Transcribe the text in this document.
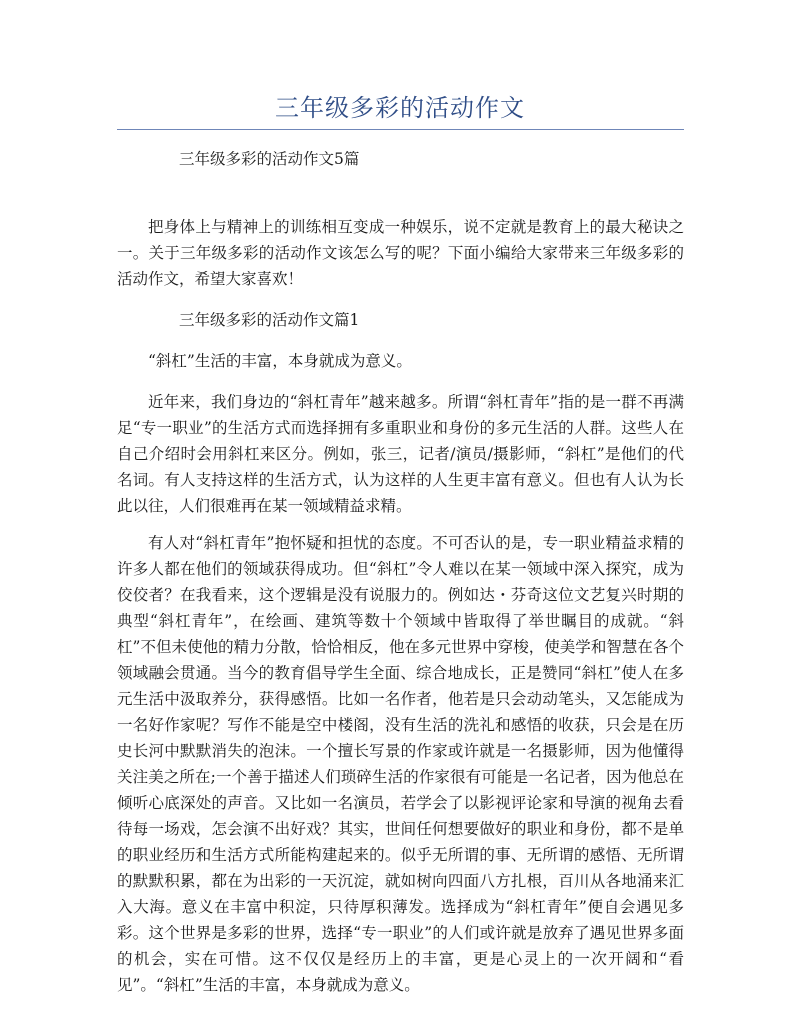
三年级多彩的活动作文

三年级多彩的活动作文5篇

把身体上与精神上的训练相互变成一种娱乐，说不定就是教育上的最大秘诀之一。关于三年级多彩的活动作文该怎么写的呢？下面小编给大家带来三年级多彩的活动作文，希望大家喜欢！

三年级多彩的活动作文篇1

“斜杠”生活的丰富，本身就成为意义。

近年来，我们身边的“斜杠青年”越来越多。所谓“斜杠青年”指的是一群不再满足“专一职业”的生活方式而选择拥有多重职业和身份的多元生活的人群。这些人在自己介绍时会用斜杠来区分。例如，张三，记者/演员/摄影师，“斜杠”是他们的代名词。有人支持这样的生活方式，认为这样的人生更丰富有意义。但也有人认为长此以往，人们很难再在某一领域精益求精。

有人对“斜杠青年”抱怀疑和担忧的态度。不可否认的是，专一职业精益求精的许多人都在他们的领域获得成功。但“斜杠”令人难以在某一领域中深入探究，成为佼佼者？在我看来，这个逻辑是没有说服力的。例如达・芬奇这位文艺复兴时期的典型“斜杠青年”，在绘画、建筑等数十个领域中皆取得了举世瞩目的成就。“斜杠”不但未使他的精力分散，恰恰相反，他在多元世界中穿梭，使美学和智慧在各个领域融会贯通。当今的教育倡导学生全面、综合地成长，正是赞同“斜杠”使人在多元生活中汲取养分，获得感悟。比如一名作者，他若是只会动动笔头，又怎能成为一名好作家呢？写作不能是空中楼阁，没有生活的洗礼和感悟的收获，只会是在历史长河中默默消失的泡沫。一个擅长写景的作家或许就是一名摄影师，因为他懂得关注美之所在;一个善于描述人们琐碎生活的作家很有可能是一名记者，因为他总在倾听心底深处的声音。又比如一名演员，若学会了以影视评论家和导演的视角去看待每一场戏，怎会演不出好戏？其实，世间任何想要做好的职业和身份，都不是单的职业经历和生活方式所能构建起来的。似乎无所谓的事、无所谓的感悟、无所谓的默默积累，都在为出彩的一天沉淀，就如树向四面八方扎根，百川从各地涌来汇入大海。意义在丰富中积淀，只待厚积薄发。选择成为“斜杠青年”便自会遇见多彩。这个世界是多彩的世界，选择“专一职业”的人们或许就是放弃了遇见世界多面的机会，实在可惜。这不仅仅是经历上的丰富，更是心灵上的一次开阔和“看见”。“斜杠”生活的丰富，本身就成为意义。
